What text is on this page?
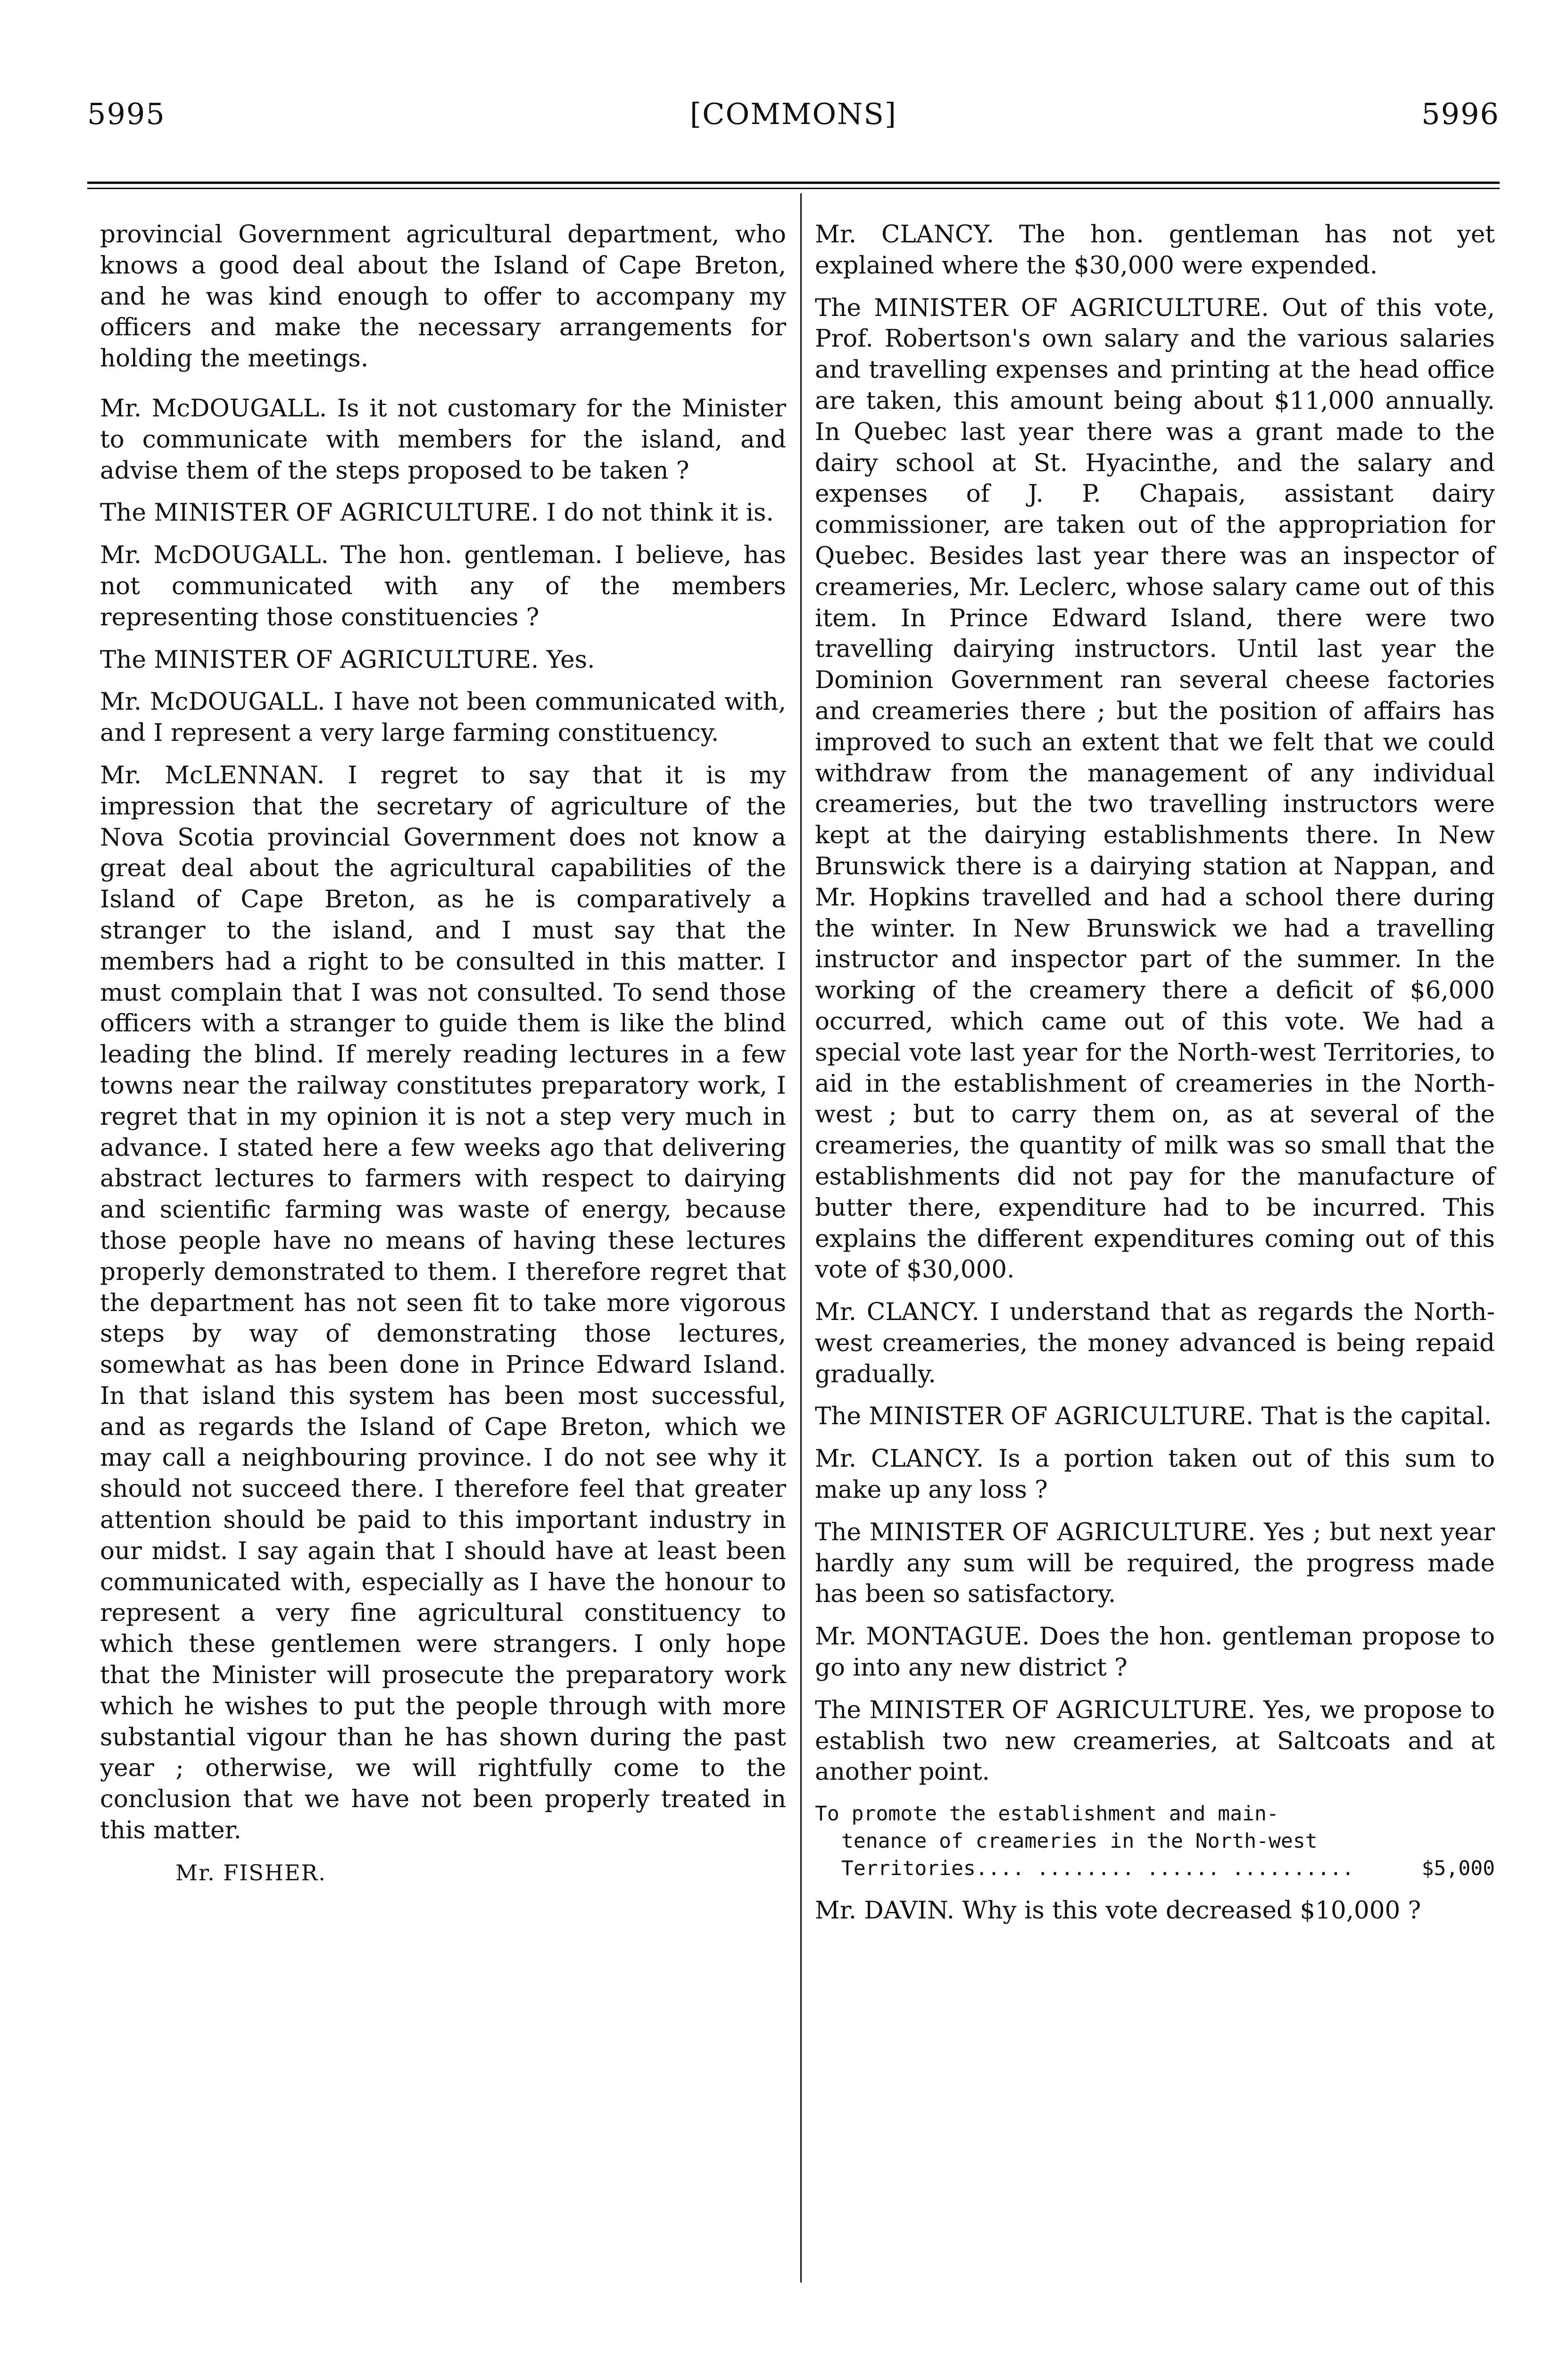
5995	[COMMONS]	5996

provincial Government agricultural department, who knows a good deal about the Island of Cape Breton, and he was kind enough to offer to accompany my officers and make the necessary arrangements for holding the meetings.

Mr. McDOUGALL. Is it not customary for the Minister to communicate with members for the island, and advise them of the steps proposed to be taken ?

The MINISTER OF AGRICULTURE. I do not think it is.

Mr. McDOUGALL. The hon. gentleman. I believe, has not communicated with any of the members representing those constituencies ?

The MINISTER OF AGRICULTURE. Yes.

Mr. McDOUGALL. I have not been communicated with, and I represent a very large farming constituency.

Mr. McLENNAN. I regret to say that it is my impression that the secretary of agriculture of the Nova Scotia provincial Government does not know a great deal about the agricultural capabilities of the Island of Cape Breton, as he is comparatively a stranger to the island, and I must say that the members had a right to be consulted in this matter. I must complain that I was not consulted. To send those officers with a stranger to guide them is like the blind leading the blind. If merely reading lectures in a few towns near the railway constitutes preparatory work, I regret that in my opinion it is not a step very much in advance. I stated here a few weeks ago that delivering abstract lectures to farmers with respect to dairying and scientific farming was waste of energy, because those people have no means of having these lectures properly demonstrated to them. I therefore regret that the department has not seen fit to take more vigorous steps by way of demonstrating those lectures, somewhat as has been done in Prince Edward Island. In that island this system has been most successful, and as regards the Island of Cape Breton, which we may call a neighbouring province. I do not see why it should not succeed there. I therefore feel that greater attention should be paid to this important industry in our midst. I say again that I should have at least been communicated with, especially as I have the honour to represent a very fine agricultural constituency to which these gentlemen were strangers. I only hope that the Minister will prosecute the preparatory work which he wishes to put the people through with more substantial vigour than he has shown during the past year ; otherwise, we will rightfully come to the conclusion that we have not been properly treated in this matter.

Mr. FISHER.

Mr. CLANCY. The hon. gentleman has not yet explained where the $30,000 were expended.

The MINISTER OF AGRICULTURE. Out of this vote, Prof. Robertson's own salary and the various salaries and travelling expenses and printing at the head office are taken, this amount being about $11,000 annually. In Quebec last year there was a grant made to the dairy school at St. Hyacinthe, and the salary and expenses of J. P. Chapais, assistant dairy commissioner, are taken out of the appropriation for Quebec. Besides last year there was an inspector of creameries, Mr. Leclerc, whose salary came out of this item. In Prince Edward Island, there were two travelling dairying instructors. Until last year the Dominion Government ran several cheese factories and creameries there ; but the position of affairs has improved to such an extent that we felt that we could withdraw from the management of any individual creameries, but the two travelling instructors were kept at the dairying establishments there. In New Brunswick there is a dairying station at Nappan, and Mr. Hopkins travelled and had a school there during the winter. In New Brunswick we had a travelling instructor and inspector part of the summer. In the working of the creamery there a deficit of $6,000 occurred, which came out of this vote. We had a special vote last year for the North-west Territories, to aid in the establishment of creameries in the North-west ; but to carry them on, as at several of the creameries, the quantity of milk was so small that the establishments did not pay for the manufacture of butter there, expenditure had to be incurred. This explains the different expenditures coming out of this vote of $30,000.

Mr. CLANCY. I understand that as regards the North-west creameries, the money advanced is being repaid gradually.

The MINISTER OF AGRICULTURE. That is the capital.

Mr. CLANCY. Is a portion taken out of this sum to make up any loss ?

The MINISTER OF AGRICULTURE. Yes ; but next year hardly any sum will be required, the progress made has been so satisfactory.

Mr. MONTAGUE. Does the hon. gentleman propose to go into any new district ?

The MINISTER OF AGRICULTURE. Yes, we propose to establish two new creameries, at Saltcoats and at another point.

To promote the establishment and main-
tenance of creameries in the North-west
Territories.... ........ ...... ..........	$5,000

Mr. DAVIN. Why is this vote decreased $10,000 ?
